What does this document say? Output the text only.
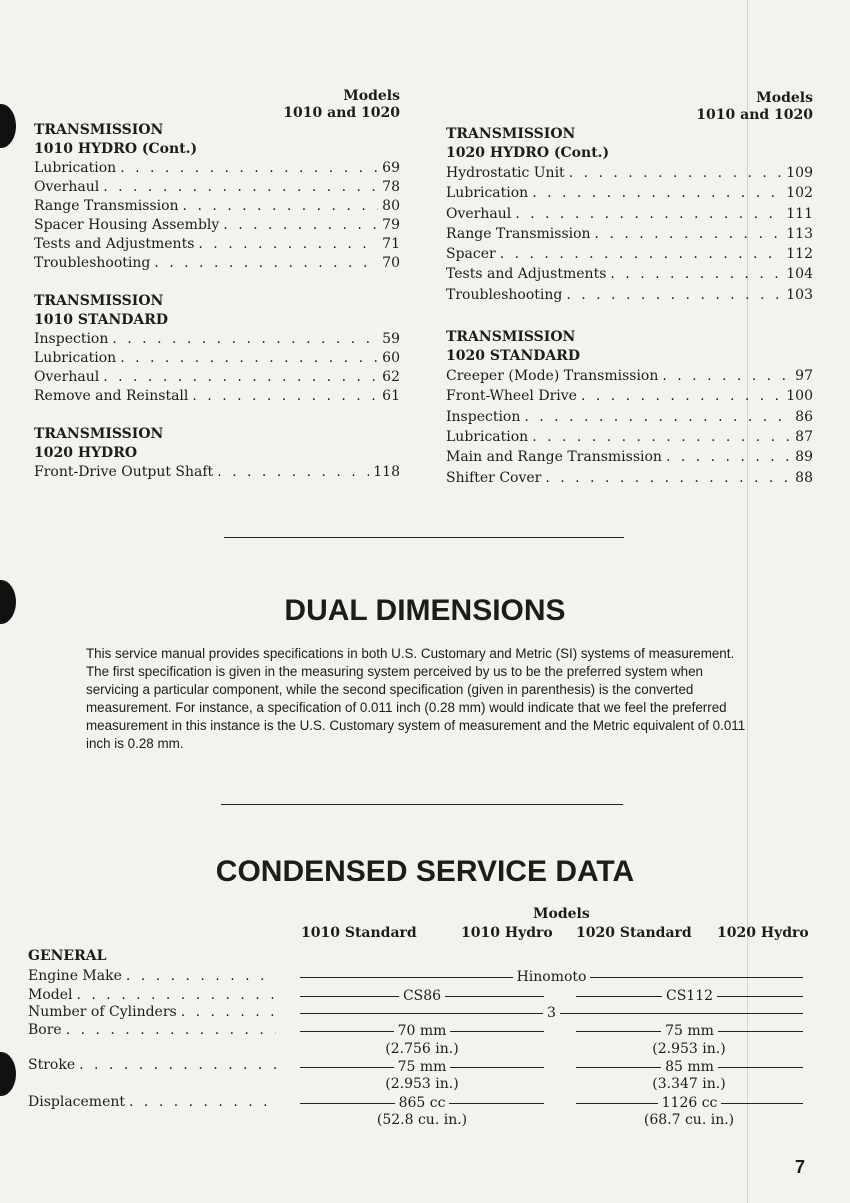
Models
1010 and 1020
TRANSMISSION
1010 HYDRO (Cont.)
Lubrication . . .	69
Overhaul . . .	78
Range Transmission . . .	80
Spacer Housing Assembly . . .	79
Tests and Adjustments . . .	71
Troubleshooting . . .	70
TRANSMISSION
1010 STANDARD
Inspection . . .	59
Lubrication . . .	60
Overhaul . . .	62
Remove and Reinstall . . .	61
TRANSMISSION
1020 HYDRO
Front-Drive Output Shaft . . .	118
Models
1010 and 1020
TRANSMISSION
1020 HYDRO (Cont.)
Hydrostatic Unit . . .	109
Lubrication . . .	102
Overhaul . . .	111
Range Transmission . . .	113
Spacer . . .	112
Tests and Adjustments . . .	104
Troubleshooting . . .	103
TRANSMISSION
1020 STANDARD
Creeper (Mode) Transmission . . .	97
Front-Wheel Drive . . .	100
Inspection . . .	86
Lubrication . . .	87
Main and Range Transmission . . .	89
Shifter Cover . . .	88
DUAL DIMENSIONS
This service manual provides specifications in both U.S. Customary and Metric (SI) systems of measurement. The first specification is given in the measuring system perceived by us to be the preferred system when servicing a particular component, while the second specification (given in parenthesis) is the converted measurement. For instance, a specification of 0.011 inch (0.28 mm) would indicate that we feel the preferred measurement in this instance is the U.S. Customary system of measurement and the Metric equivalent of 0.011 inch is 0.28 mm.
CONDENSED SERVICE DATA
Models
1010 Standard	1010 Hydro 1020 Standard 1020 Hydro
GENERAL
Engine Make . . .	Hinomoto
Model . . .	CS86	CS112
Number of Cylinders . . .	3
Bore . . .	70 mm	75 mm
(2.756 in.)	(2.953 in.)
Stroke . . .	75 mm	85 mm
(2.953 in.)	(3.347 in.)
Displacement . . .	865 cc	1126 cc
(52.8 cu. in.)	(68.7 cu. in.)
7
